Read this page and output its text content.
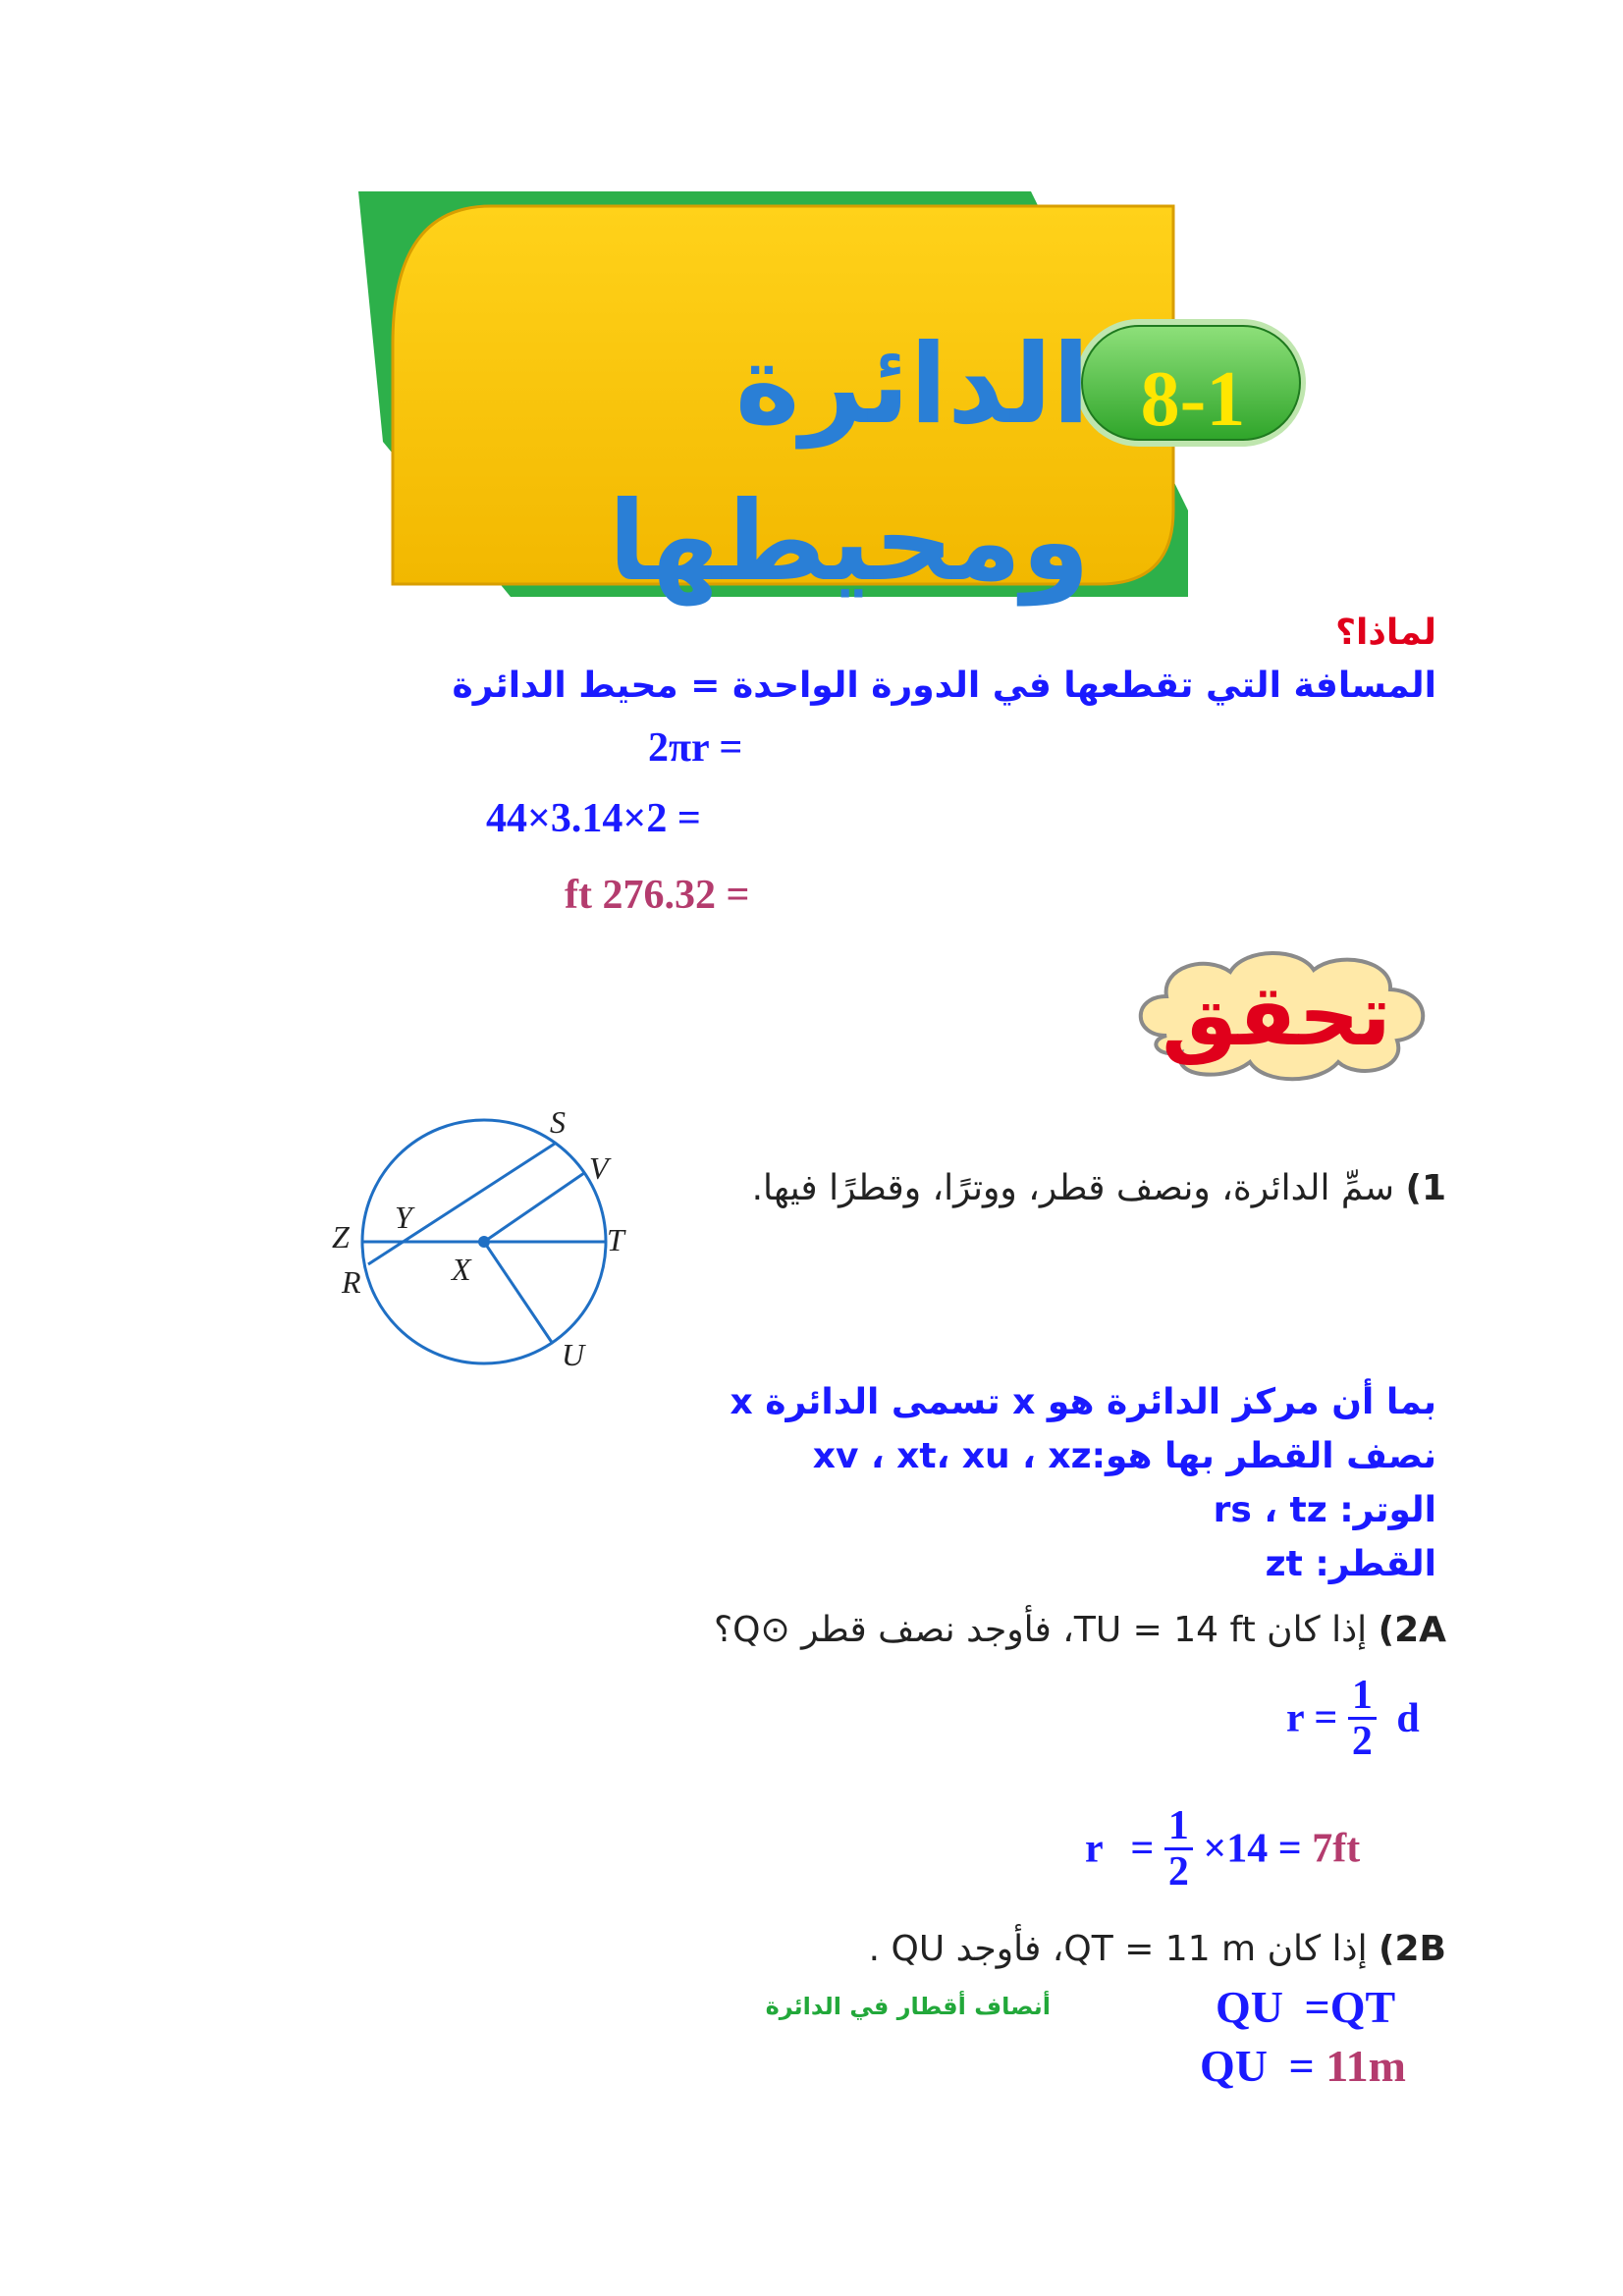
8-1
الدائرة ومحيطها
لماذا؟
المسافة التي تقطعها في الدورة الواحدة = محيط الدائرة
2πr =
44×3.14×2 =
ft 276.32 =
تحقق
S
V
Z
Y
T
R	X
U
1) سمِّ الدائرة، ونصف قطر، ووترًا، وقطرًا فيها.
بما أن مركز الدائرة هو x تسمى الدائرة x
نصف القطر بها هو:xv ، xt، xu ، xz
الوتر: rs ، tz
القطر: zt
2A) إذا كان TU = 14 ft، فأوجد نصف قطر ⊙Q؟
$r = \frac{1}{2}$ d
$r = \frac{1}{2} \times 14 = 7ft$
2B) إذا كان QT = 11 m، فأوجد QU .
أنصاف أقطار في الدائرة	QU =QT
QU = 11m
